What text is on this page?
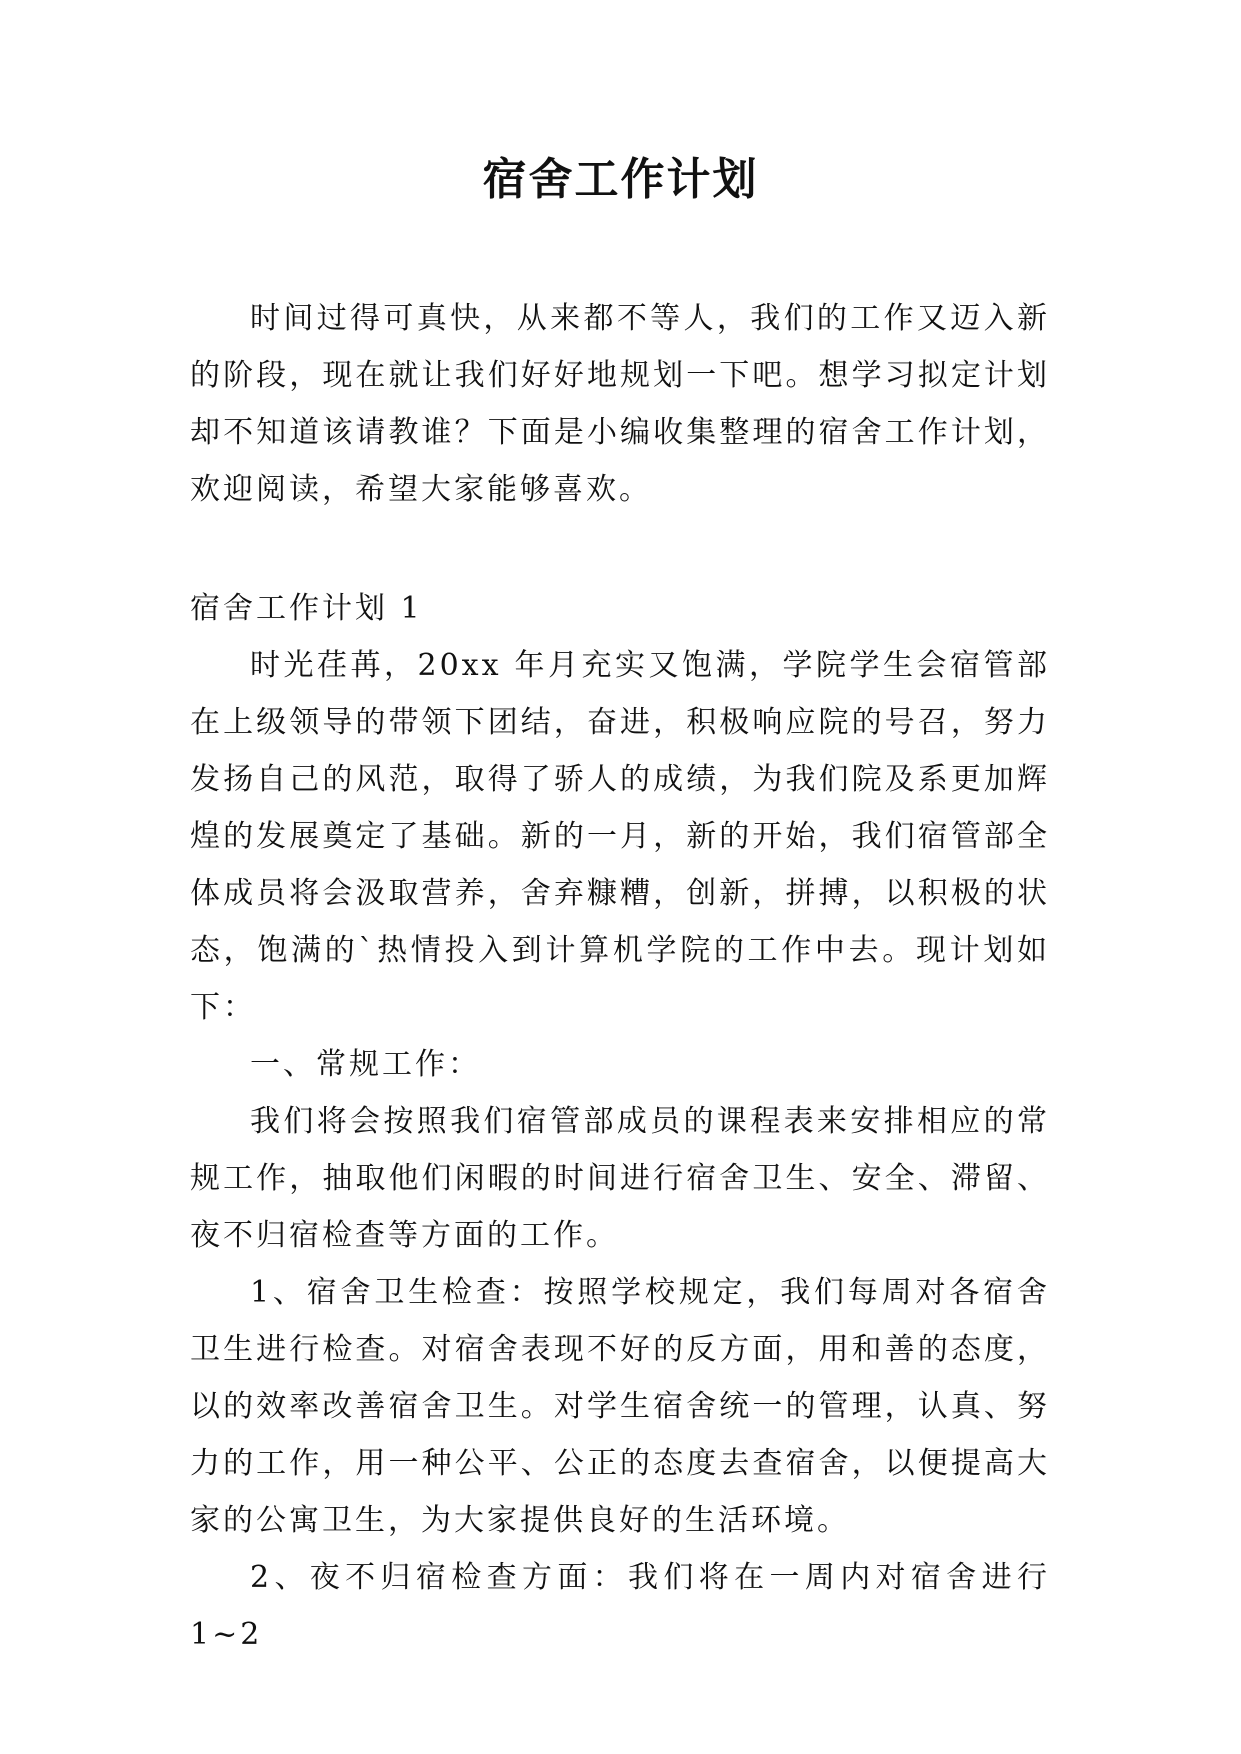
宿舍工作计划

时间过得可真快，从来都不等人，我们的工作又迈入新的阶段，现在就让我们好好地规划一下吧。想学习拟定计划却不知道该请教谁？下面是小编收集整理的宿舍工作计划，欢迎阅读，希望大家能够喜欢。

宿舍工作计划 1

时光荏苒，20xx 年月充实又饱满，学院学生会宿管部在上级领导的带领下团结，奋进，积极响应院的号召，努力发扬自己的风范，取得了骄人的成绩，为我们院及系更加辉煌的发展奠定了基础。新的一月，新的开始，我们宿管部全体成员将会汲取营养，舍弃糠糟，创新，拼搏，以积极的状态，饱满的`热情投入到计算机学院的工作中去。现计划如下：

一、常规工作：

我们将会按照我们宿管部成员的课程表来安排相应的常规工作，抽取他们闲暇的时间进行宿舍卫生、安全、滞留、夜不归宿检查等方面的工作。

1、宿舍卫生检查：按照学校规定，我们每周对各宿舍卫生进行检查。对宿舍表现不好的反方面，用和善的态度，以的效率改善宿舍卫生。对学生宿舍统一的管理，认真、努力的工作，用一种公平、公正的态度去查宿舍，以便提高大家的公寓卫生，为大家提供良好的生活环境。

2、夜不归宿检查方面：我们将在一周内对宿舍进行 1~2
